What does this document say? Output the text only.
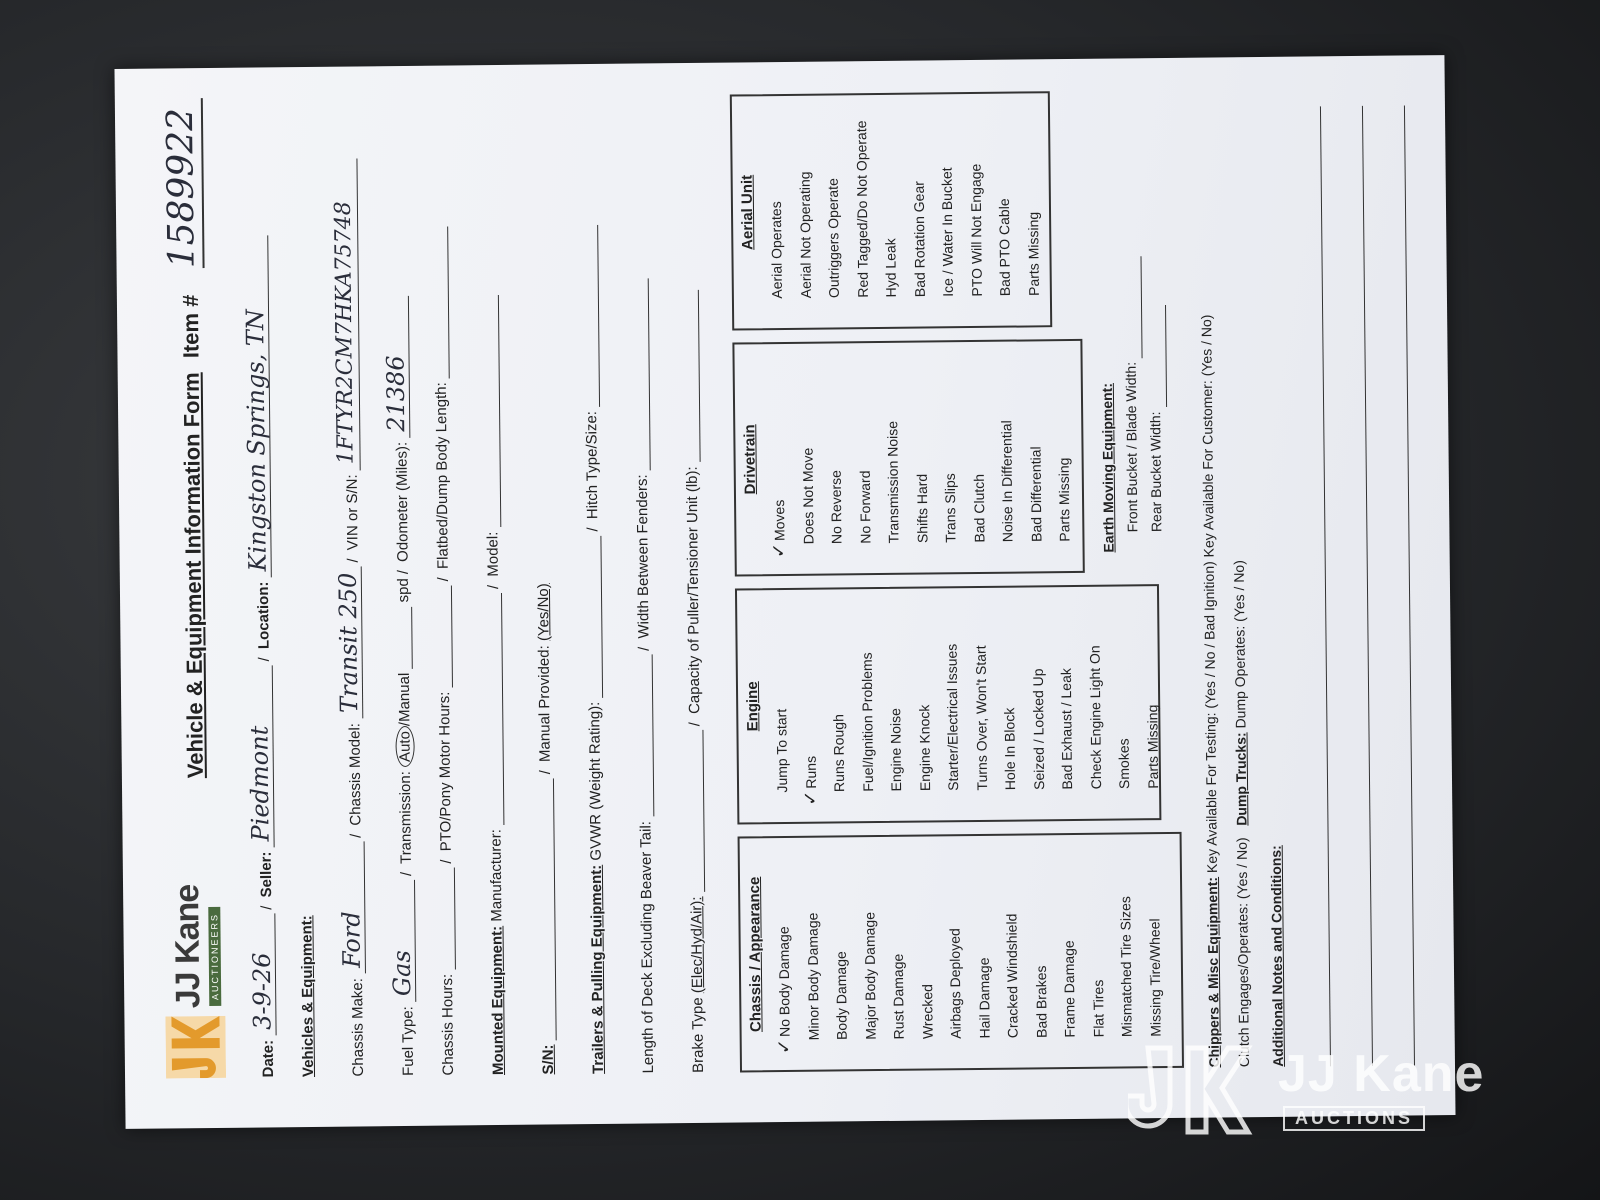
JJ Kane AUCTIONEERS
Vehicle & Equipment Information Form
Item #
1589922
Date: 3-9-26/ Seller: Piedmont/ Location: Kingston Springs, TN
Vehicles & Equipment:	Chassis Make: Ford/ Chassis Model: Transit 250/ VIN or S/N: 1FTYR2CM7HKA75748
Fuel Type: Gas/ Transmission: Auto/Manual  spd/ Odometer (Miles): 21386
Chassis Hours: / PTO/Pony Motor Hours: / Flatbed/Dump Body Length:
Mounted Equipment: Manufacturer: / Model:
S/N: / Manual Provided: (Yes/No)
Trailers & Pulling Equipment: GVWR (Weight Rating): / Hitch Type/Size:
Length of Deck Excluding Beaver Tail: / Width Between Fenders:
Brake Type (Elec/Hyd/Air): / Capacity of Puller/Tensioner Unit (lb):
Chassis / Appearance
✓No Body Damage Minor Body Damage Body Damage Major Body Damage Rust Damage Wrecked Airbags Deployed Hail Damage Cracked Windshield Bad Brakes Frame Damage Flat Tires Mismatched Tire Sizes Missing Tire/Wheel
Engine
Jump To start
✓Runs Runs Rough Fuel/Ignition Problems Engine Noise Engine Knock Starter/Electrical Issues Turns Over, Won't Start Hole In Block Seized / Locked Up Bad Exhaust / Leak Check Engine Light On Smokes Parts Missing
Drivetrain
✓Moves Does Not Move No Reverse No Forward Transmission Noise Shifts Hard Trans Slips Bad Clutch Noise In Differential Bad Differential Parts Missing
Aerial Unit Aerial Operates Aerial Not Operating Outriggers Operate Red Tagged/Do Not Operate Hyd Leak Bad Rotation Gear Ice / Water In Bucket PTO Will Not Engage Bad PTO Cable Parts Missing
Earth Moving Equipment: Front Bucket / Blade Width: Rear Bucket Width:
Chippers & Misc Equipment: Key Available For Testing: (Yes / No / Bad Ignition) Key Available For Customer: (Yes / No)
Clutch Engages/Operates: (Yes / No)   Dump Trucks: Dump Operates: (Yes / No)
Additional Notes and Conditions:
JJ Kane
AUCTIONS
